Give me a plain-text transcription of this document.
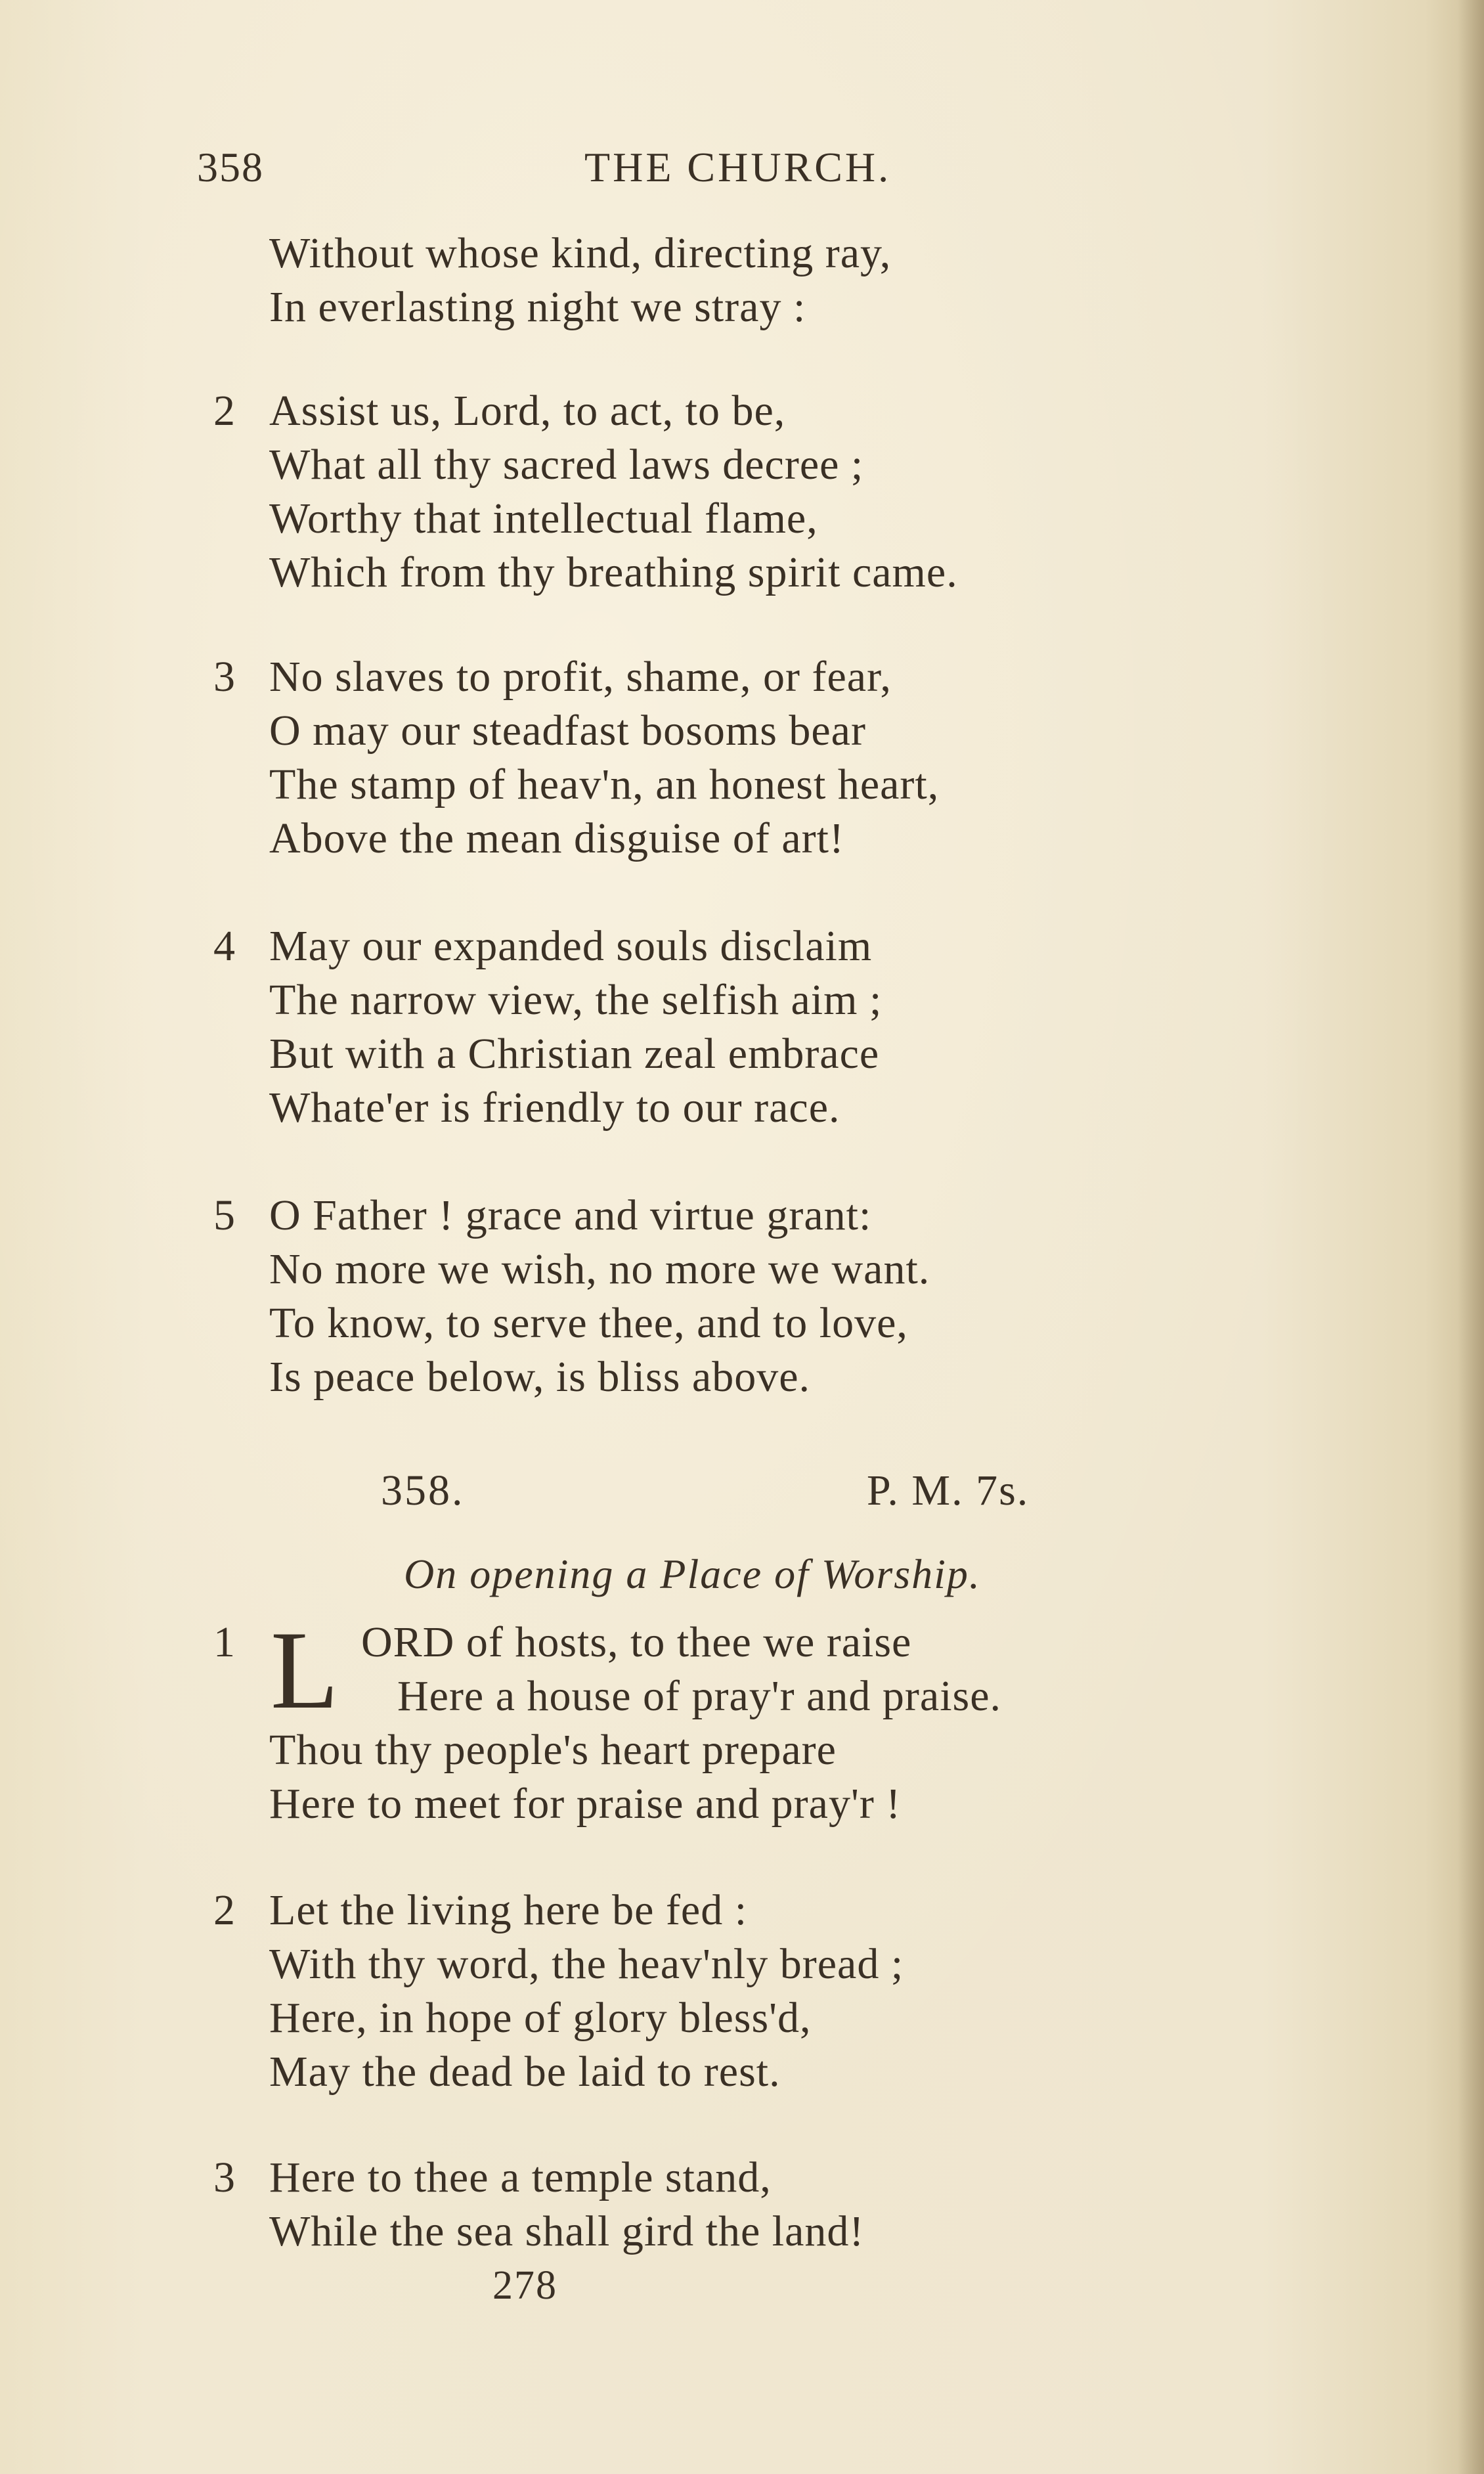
358	THE CHURCH.
Without whose kind, directing ray,
In everlasting night we stray :
2 Assist us, Lord, to act, to be,
What all thy sacred laws decree ;
Worthy that intellectual flame,
Which from thy breathing spirit came.
3 No slaves to profit, shame, or fear,
O may our steadfast bosoms bear
The stamp of heav'n, an honest heart,
Above the mean disguise of art!
4 May our expanded souls disclaim
The narrow view, the selfish aim ;
But with a Christian zeal embrace
Whate'er is friendly to our race.
5 O Father ! grace and virtue grant:
No more we wish, no more we want.
To know, to serve thee, and to love,
Is peace below, is bliss above.
358.	P. M. 7s.
On opening a Place of Worship.
1 L ORD of hosts, to thee we raise
Here a house of pray'r and praise.
Thou thy people's heart prepare
Here to meet for praise and pray'r !
2 Let the living here be fed :
With thy word, the heav'nly bread ;
Here, in hope of glory bless'd,
May the dead be laid to rest.
3 Here to thee a temple stand,
While the sea shall gird the land!
278
